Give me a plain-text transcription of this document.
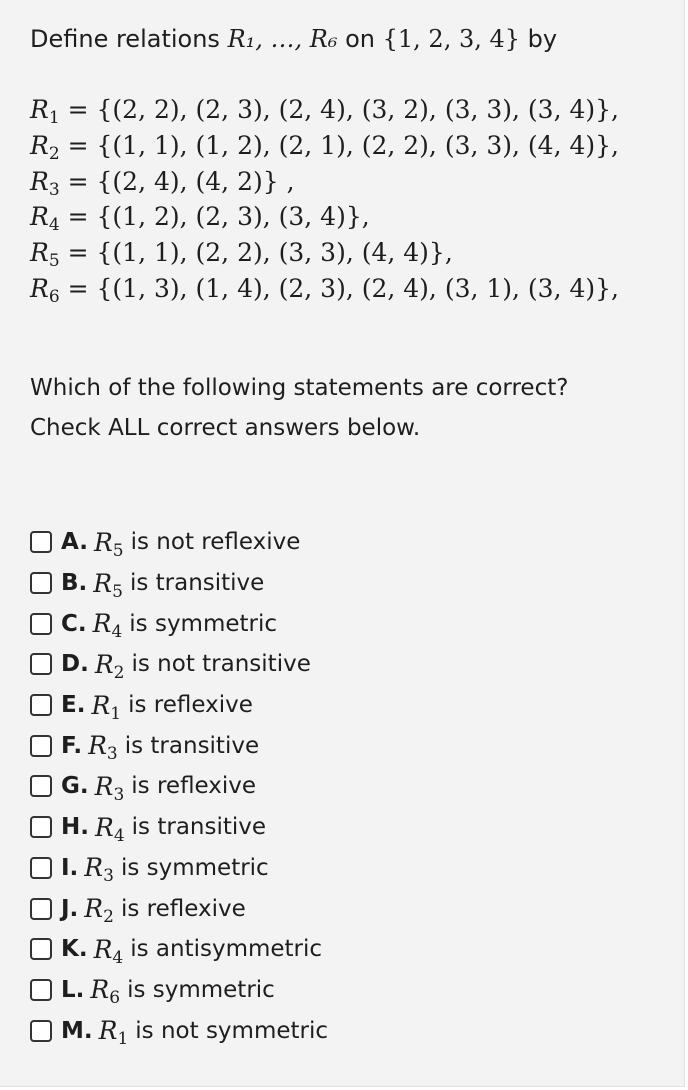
Define relations R₁, …, R₆ on {1, 2, 3, 4} by
$R_1 = \{(2$, 2), (2, 3), (2, 4), (3, 2), (3, 3), (3, 4)},
$R_2 = \{(1$, 1), (1, 2), (2, 1), (2, 2), (3, 3), (4, 4)},
$R_3 = \{(2$, 4), (4, 2)} ,
$R_4 = \{(1$, 2), (2, 3), (3, 4)},
$R_5 = \{(1$, 1), (2, 2), (3, 3), (4, 4)},
$R_6 = \{(1$, 3), (1, 4), (2, 3), (2, 4), (3, 1), (3, 4)},
Which of the following statements are correct?
Check ALL correct answers below.
A. $R_5$ is not reflexive
B. $R_5$ is transitive
C. $R_4$ is symmetric
D. $R_2$ is not transitive
E. $R_1$ is reflexive
F. $R_3$ is transitive
G. $R_3$ is reflexive
H. $R_4$ is transitive
I. $R_3$ is symmetric
J. $R_2$ is reflexive
K. $R_4$ is antisymmetric
L. $R_6$ is symmetric
M. $R_1$ is not symmetric
